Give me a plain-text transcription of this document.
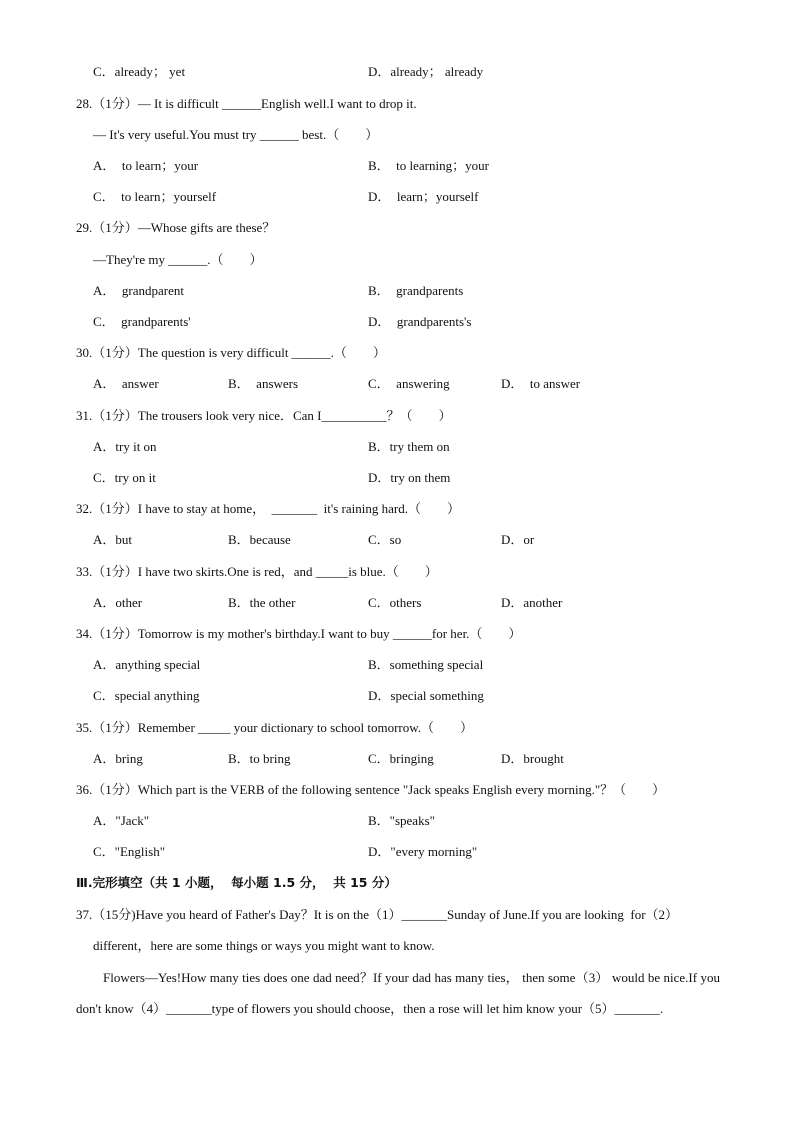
C．already； yet	D．already； already
28.（1分）— It is difficult ______English well.I want to drop it.
— It's very useful.You must try ______ best.（　　）
A．  to learn；your	B．  to learning；your
C．  to learn；yourself	D．  learn；yourself
29.（1分）—Whose gifts are these？
—They're my ______.（　　）
A．  grandparent	B．  grandparents
C．  grandparents'	D．  grandparents's
30.（1分）The question is very difficult ______.（　　）
A．  answer	B．  answers	C．  answering	D．  to answer
31.（1分）The trousers look very nice．Can I__________？（　　）
A．try it on	B．try them on
C．try on it	D．try on them
32.（1分）I have to stay at home，  _______  it's raining hard.（　　）
A．but	B．because	C．so	D．or
33.（1分）I have two skirts.One is red，and _____is blue.（　　）
A．other	B．the other	C．others	D．another
34.（1分）Tomorrow is my mother's birthday.I want to buy ______for her.（　　）
A．anything special	B．something special
C．special anything	D．special something
35.（1分）Remember _____ your dictionary to school tomorrow.（　　）
A．bring	B．to bring	C．bringing	D．brought
36.（1分）Which part is the VERB of the following sentence "Jack speaks English every morning."？（　　）
A．"Jack"	B．"speaks"
C．"English"	D．"every morning"
Ⅲ.完形填空（共 1 小题，  每小题 1.5 分，  共 15 分）
37.（15分)Have you heard of Father's Day？It is on the（1）_______Sunday of June.If you are looking  for（2）
different，here are some things or ways you might want to know.
Flowers—Yes!How many ties does one dad need？If your dad has many ties， then some（3） would be nice.If you don't know（4）_______type of flowers you should choose，then a rose will let him know your（5）_______.
